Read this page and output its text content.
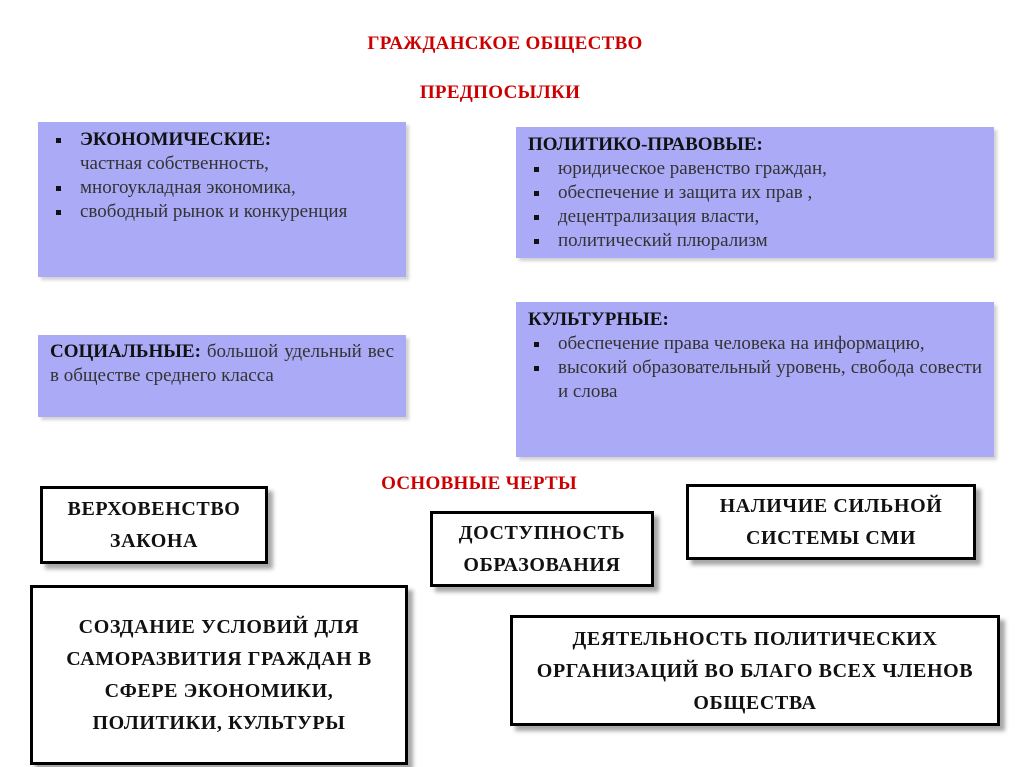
ГРАЖДАНСКОЕ ОБЩЕСТВО
ПРЕДПОСЫЛКИ
ЭКОНОМИЧЕСКИЕ:
частная собственность,
многоукладная экономика,
свободный рынок и конкуренция
ПОЛИТИКО-ПРАВОВЫЕ:
юридическое равенство граждан,
обеспечение и защита их прав ,
децентрализация власти,
политический плюрализм
СОЦИАЛЬНЫЕ: большой удельный вес в обществе среднего класса
КУЛЬТУРНЫЕ:
обеспечение права человека на информацию,
высокий образовательный уровень, свобода совести и слова
ОСНОВНЫЕ ЧЕРТЫ
ВЕРХОВЕНСТВО ЗАКОНА	ДОСТУПНОСТЬ ОБРАЗОВАНИЯ
НАЛИЧИЕ СИЛЬНОЙ СИСТЕМЫ СМИ
СОЗДАНИЕ УСЛОВИЙ ДЛЯ САМОРАЗВИТИЯ ГРАЖДАН В СФЕРЕ ЭКОНОМИКИ, ПОЛИТИКИ, КУЛЬТУРЫ
ДЕЯТЕЛЬНОСТЬ ПОЛИТИЧЕСКИХ ОРГАНИЗАЦИЙ ВО БЛАГО ВСЕХ ЧЛЕНОВ ОБЩЕСТВА
